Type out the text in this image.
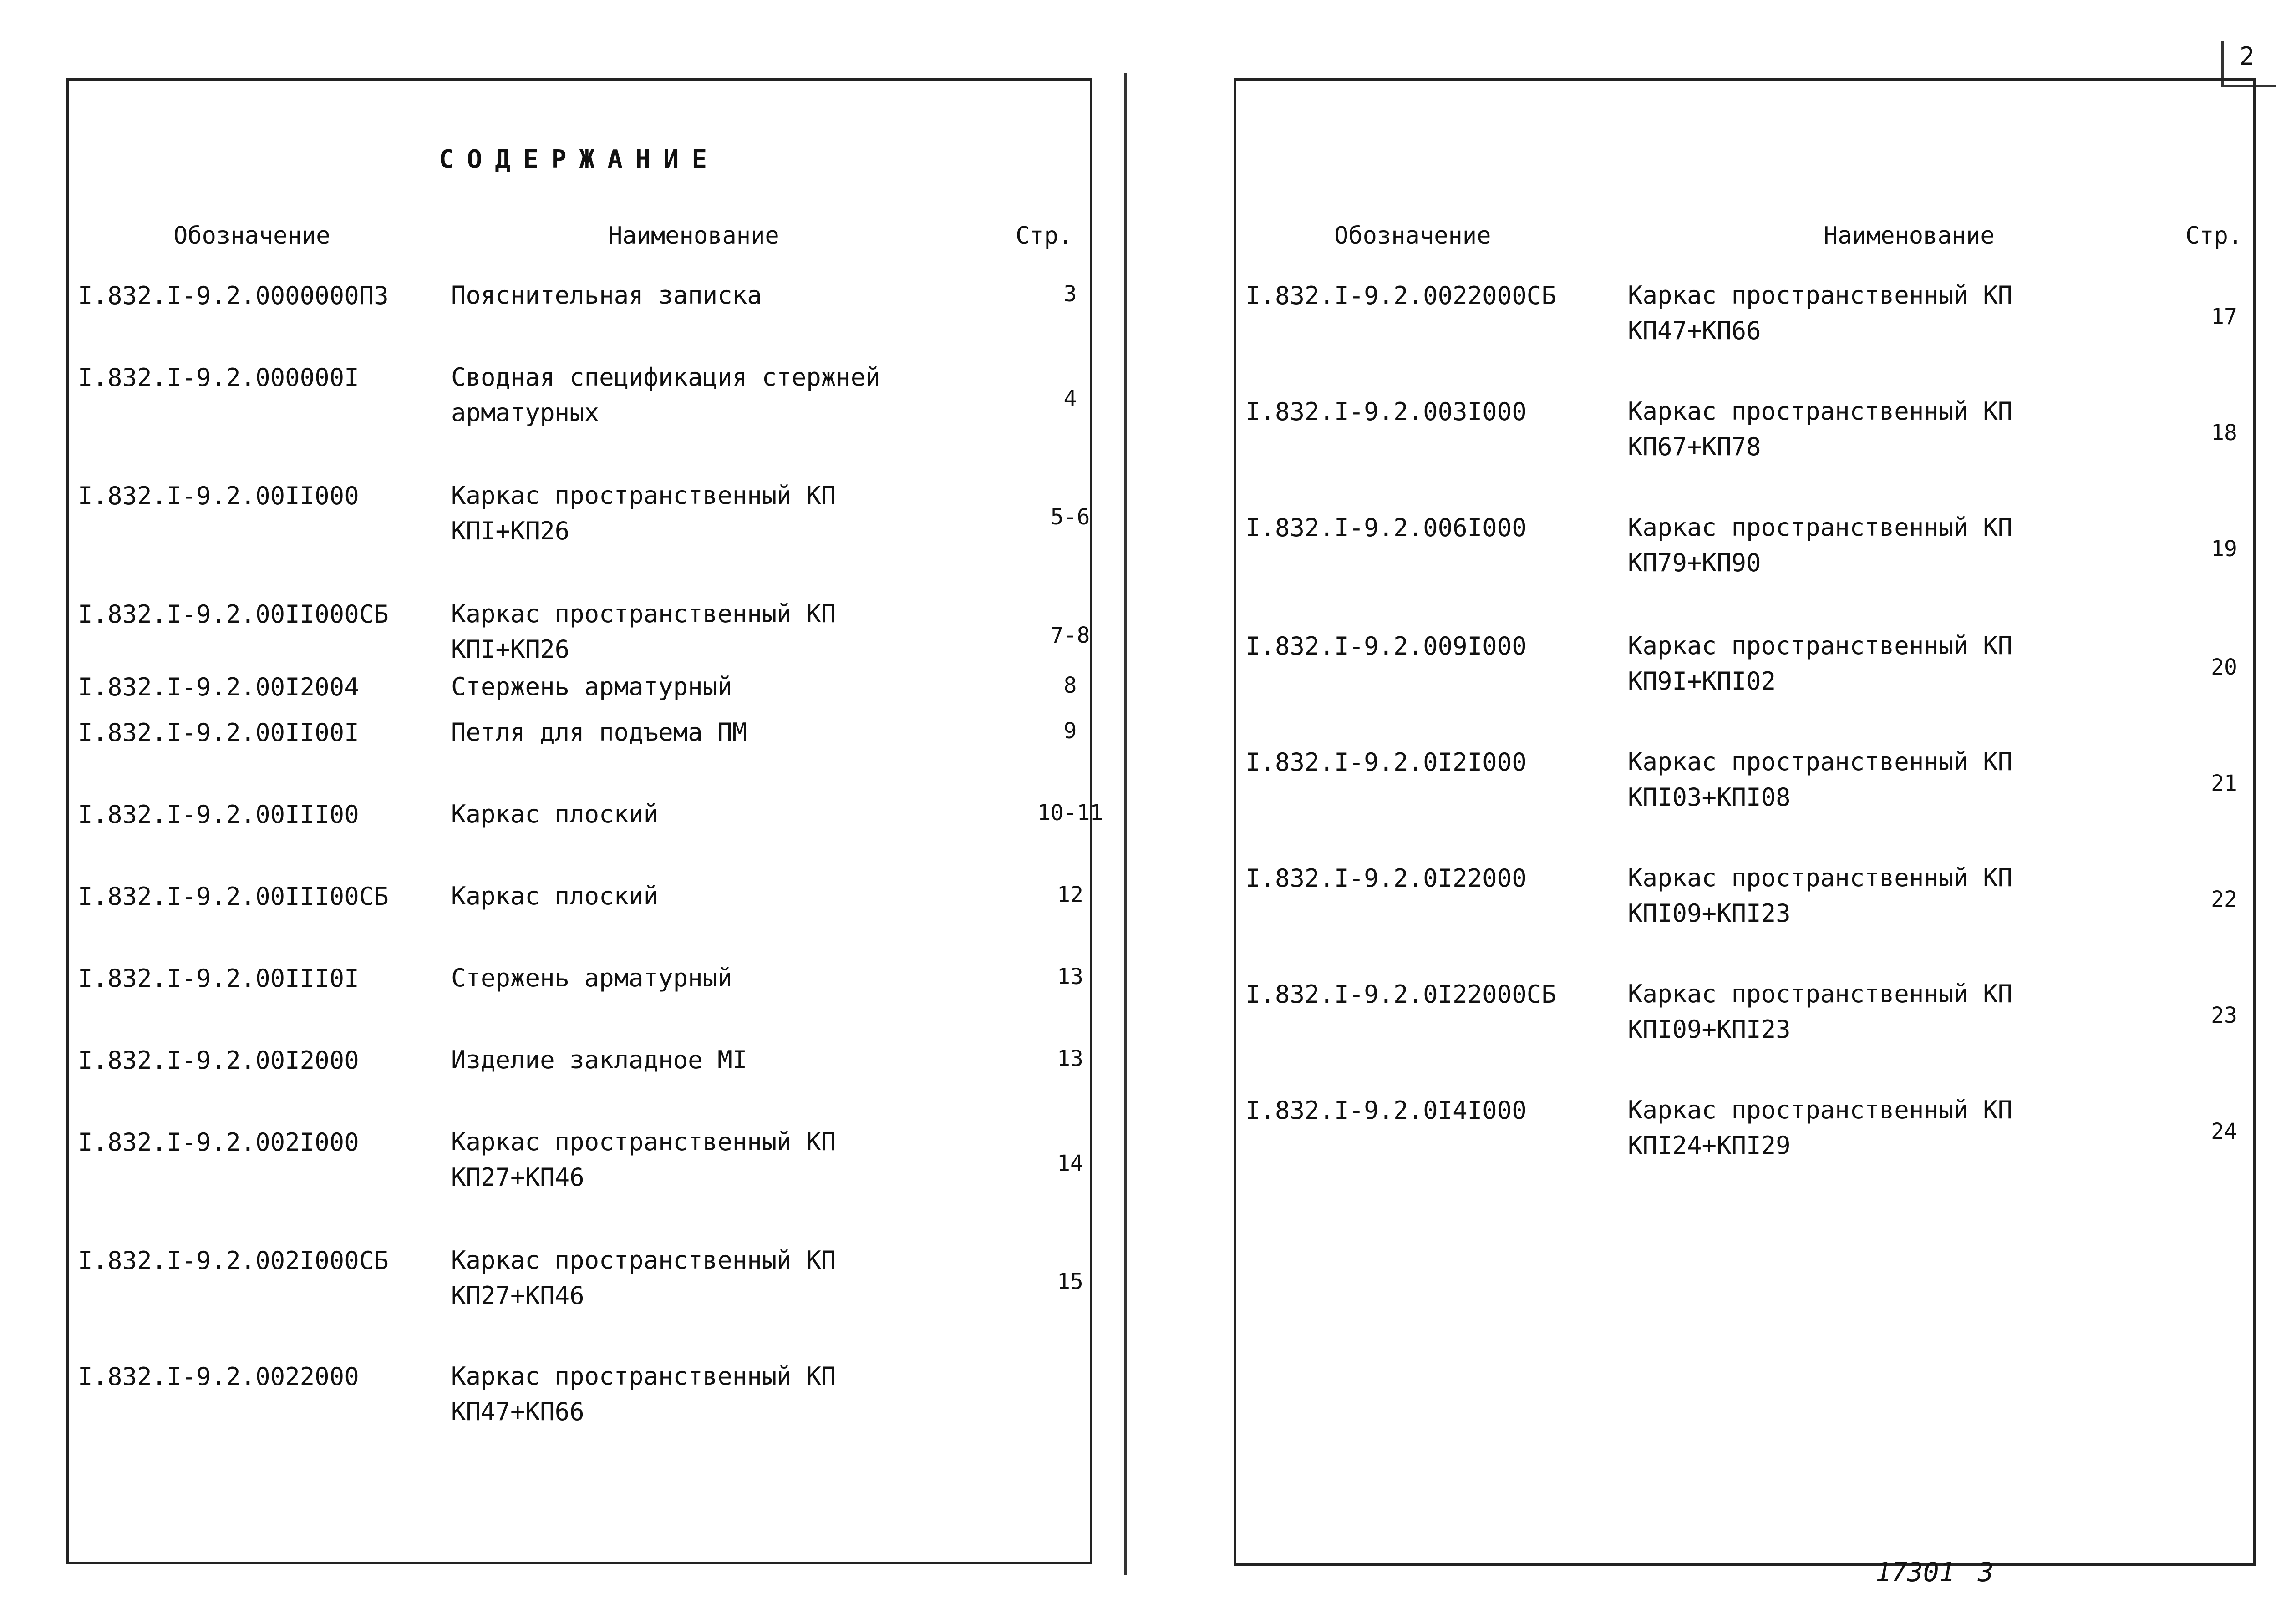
2
СОДЕРЖАНИЕ
Обозначение	Наименование	Стр.
I.832.I-9.2.0000000ПЗ	Пояснительная записка	3
I.832.I-9.2.000000I	Сводная спецификация стержней
арматурных	4
I.832.I-9.2.00II000	Каркас пространственный КП
КПI+КП26	5-6
I.832.I-9.2.00II000СБ	Каркас пространственный КП
КПI+КП26	7-8
I.832.I-9.2.00I2004	Стержень арматурный	8
I.832.I-9.2.00II00I	Петля для подъема ПМ	9
I.832.I-9.2.00III00	Каркас плоский	10-11
I.832.I-9.2.00III00СБ	Каркас плоский	12
I.832.I-9.2.00III0I	Стержень арматурный	13
I.832.I-9.2.00I2000	Изделие закладное МI	13
I.832.I-9.2.002I000	Каркас пространственный КП
КП27+КП46	14
I.832.I-9.2.002I000СБ	Каркас пространственный КП
КП27+КП46	15
I.832.I-9.2.0022000	Каркас пространственный КП
КП47+КП66
Обозначение	Наименование	Стр.
I.832.I-9.2.0022000СБ	Каркас пространственный КП
КП47+КП66	17
I.832.I-9.2.003I000	Каркас пространственный КП
КП67+КП78	18
I.832.I-9.2.006I000	Каркас пространственный КП
КП79+КП90	19
I.832.I-9.2.009I000	Каркас пространственный КП
КП9I+КПI02	20
I.832.I-9.2.0I2I000	Каркас пространственный КП
КПI03+КПI08	21
I.832.I-9.2.0I22000	Каркас пространственный КП
КПI09+КПI23	22
I.832.I-9.2.0I22000СБ	Каркас пространственный КП
КПI09+КПI23	23
I.832.I-9.2.0I4I000	Каркас пространственный КП
КПI24+КПI29	24
17301 3
